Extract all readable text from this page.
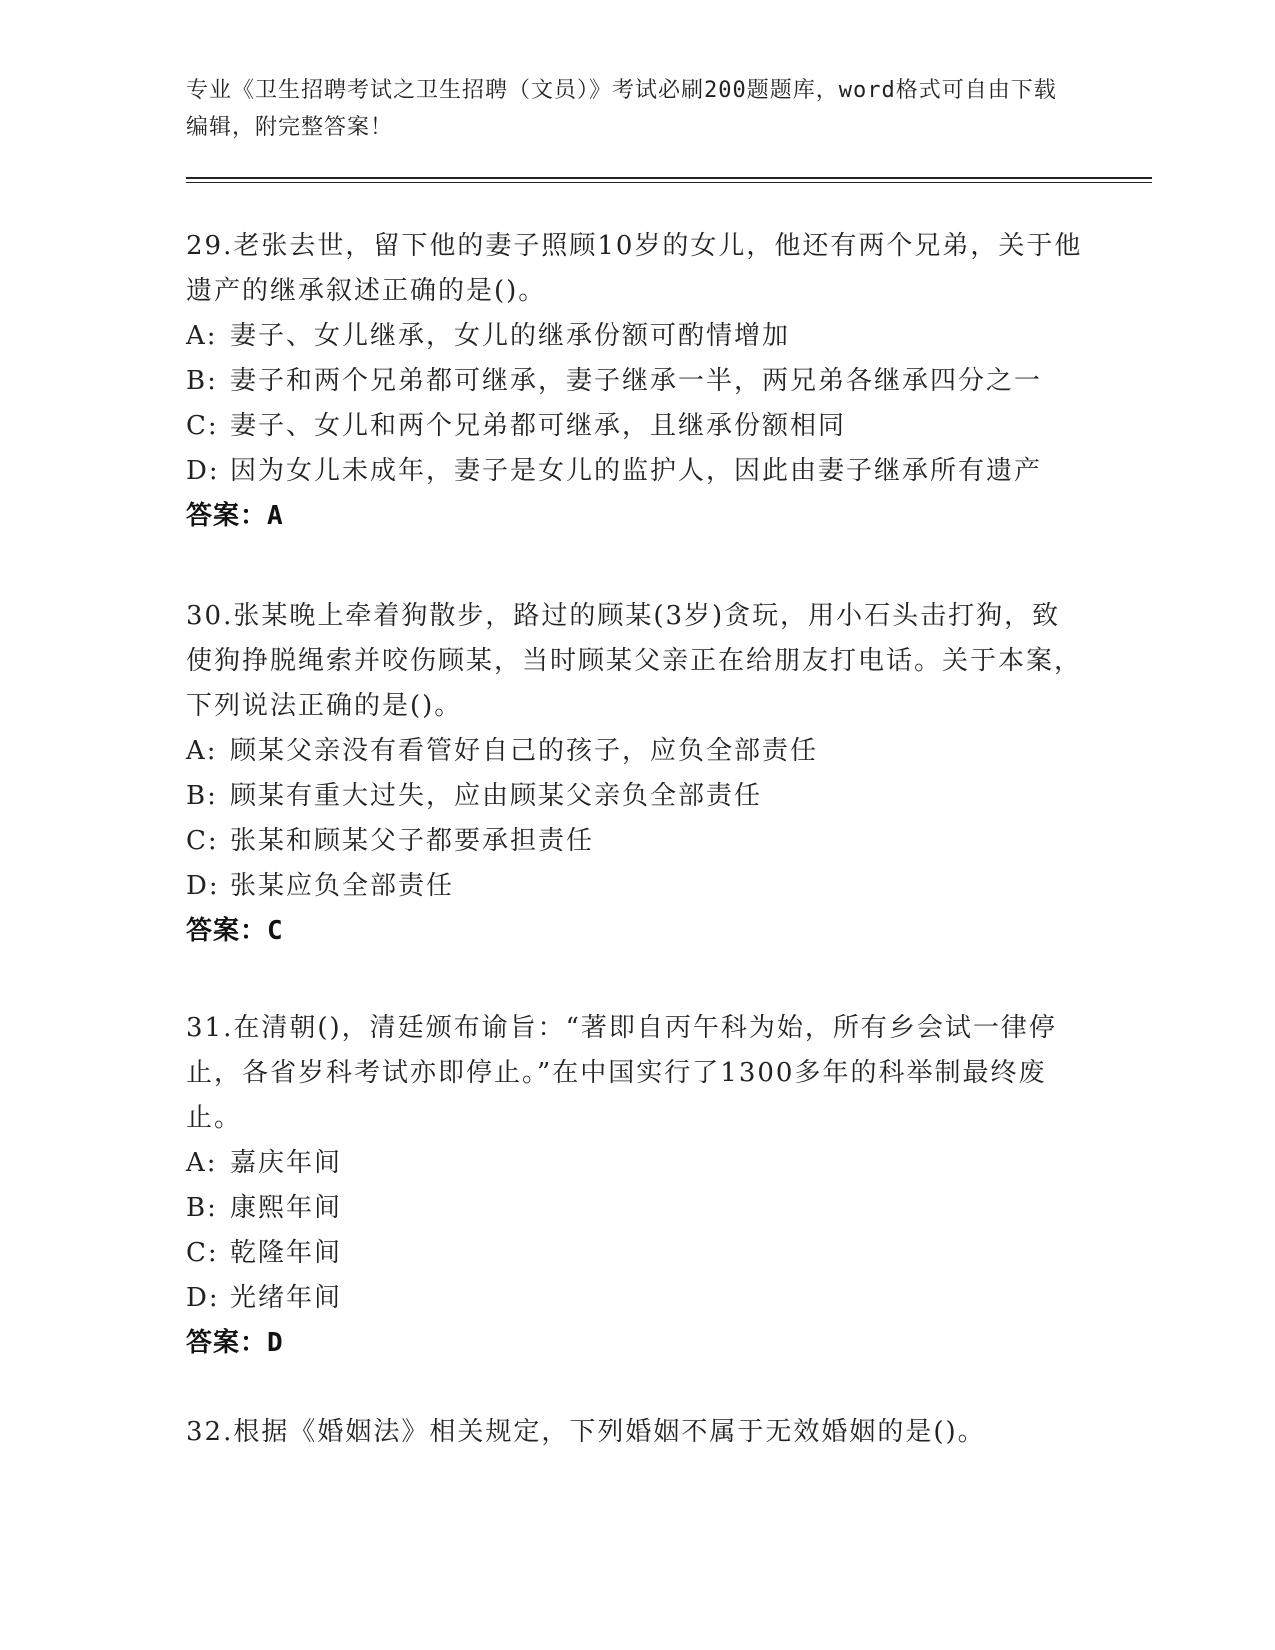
专业《卫生招聘考试之卫生招聘（文员）》考试必刷200题题库，word格式可自由下载编辑，附完整答案！

29.老张去世，留下他的妻子照顾10岁的女儿，他还有两个兄弟，关于他遗产的继承叙述正确的是()。

A: 妻子、女儿继承，女儿的继承份额可酌情增加
B: 妻子和两个兄弟都可继承，妻子继承一半，两兄弟各继承四分之一
C: 妻子、女儿和两个兄弟都可继承，且继承份额相同
D: 因为女儿未成年，妻子是女儿的监护人，因此由妻子继承所有遗产
答案：A

30.张某晚上牵着狗散步，路过的顾某(3岁)贪玩，用小石头击打狗，致使狗挣脱绳索并咬伤顾某，当时顾某父亲正在给朋友打电话。关于本案，下列说法正确的是()。

A: 顾某父亲没有看管好自己的孩子，应负全部责任
B: 顾某有重大过失，应由顾某父亲负全部责任
C: 张某和顾某父子都要承担责任
D: 张某应负全部责任
答案：C

31.在清朝()，清廷颁布谕旨：“著即自丙午科为始，所有乡会试一律停止，各省岁科考试亦即停止。”在中国实行了1300多年的科举制最终废止。

A: 嘉庆年间
B: 康熙年间
C: 乾隆年间
D: 光绪年间
答案：D

32.根据《婚姻法》相关规定，下列婚姻不属于无效婚姻的是()。
